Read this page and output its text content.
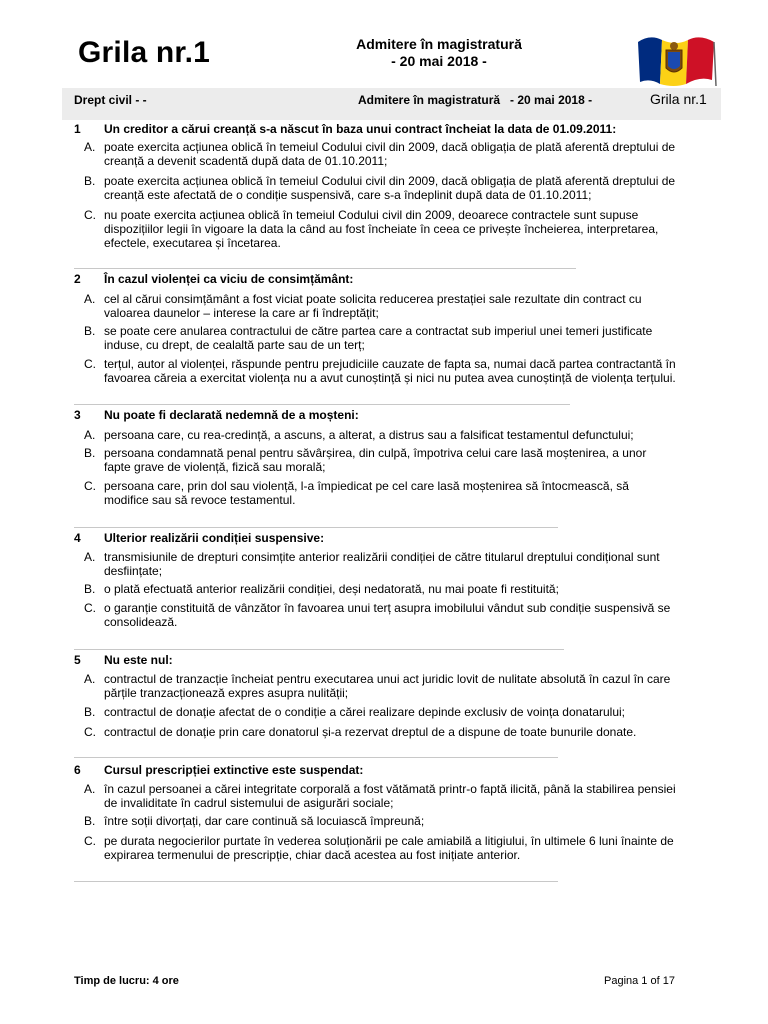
Grila nr.1	Admitere în magistratură
- 20 mai 2018 -
Drept civil - -	Admitere în magistratură   - 20 mai 2018 -	Grila nr.1
1 Un creditor a cărui creanță s-a născut în baza unui contract încheiat la data de 01.09.2011:
A. poate exercita acțiunea oblică în temeiul Codului civil din 2009, dacă obligația de plată aferentă dreptului de
creanță a devenit scadentă după data de 01.10.2011;
B. poate exercita acțiunea oblică în temeiul Codului civil din 2009, dacă obligația de plată aferentă dreptului de
creanță este afectată de o condiție suspensivă, care s-a îndeplinit după data de 01.10.2011;
C. nu poate exercita acțiunea oblică în temeiul Codului civil din 2009, deoarece contractele sunt supuse
dispozițiilor legii în vigoare la data la când au fost încheiate în ceea ce privește încheierea, interpretarea,
efectele, executarea și încetarea.
2 În cazul violenței ca viciu de consimțământ:
A. cel al cărui consimțământ a fost viciat poate solicita reducerea prestației sale rezultate din contract cu
valoarea daunelor – interese la care ar fi îndreptățit;
B. se poate cere anularea contractului de către partea care a contractat sub imperiul unei temeri justificate
induse, cu drept, de cealaltă parte sau de un terț;
C. terțul, autor al violenței, răspunde pentru prejudiciile cauzate de fapta sa, numai dacă partea contractantă în
favoarea căreia a exercitat violența nu a avut cunoștință și nici nu putea avea cunoștință de violența terțului.
3 Nu poate fi declarată nedemnă de a moșteni:
A. persoana care, cu rea-credință, a ascuns, a alterat, a distrus sau a falsificat testamentul defunctului;
B. persoana condamnată penal pentru săvârșirea, din culpă, împotriva celui care lasă moștenirea, a unor
fapte grave de violență, fizică sau morală;
C. persoana care, prin dol sau violență, l-a împiedicat pe cel care lasă moștenirea să întocmească, să
modifice sau să revoce testamentul.
4 Ulterior realizării condiției suspensive:
A. transmisiunile de drepturi consimțite anterior realizării condiției de către titularul dreptului condițional sunt
desființate;
B. o plată efectuată anterior realizării condiției, deși nedatorată, nu mai poate fi restituită;
C. o garanție constituită de vânzător în favoarea unui terț asupra imobilului vândut sub condiție suspensivă se
consolidează.
5 Nu este nul:
A. contractul de tranzacție încheiat pentru executarea unui act juridic lovit de nulitate absolută în cazul în care
părțile tranzacționează expres asupra nulității;
B. contractul de donație afectat de o condiție a cărei realizare depinde exclusiv de voința donatarului;
C. contractul de donație prin care donatorul și-a rezervat dreptul de a dispune de toate bunurile donate.
6 Cursul prescripției extinctive este suspendat:
A. în cazul persoanei a cărei integritate corporală a fost vătămată printr-o faptă ilicită, până la stabilirea pensiei
de invaliditate în cadrul sistemului de asigurări sociale;
B. între soții divorțați, dar care continuă să locuiască împreună;
C. pe durata negocierilor purtate în vederea soluționării pe cale amiabilă a litigiului, în ultimele 6 luni înainte de
expirarea termenului de prescripție, chiar dacă acestea au fost inițiate anterior.
Timp de lucru: 4 ore	Pagina 1 of 17
